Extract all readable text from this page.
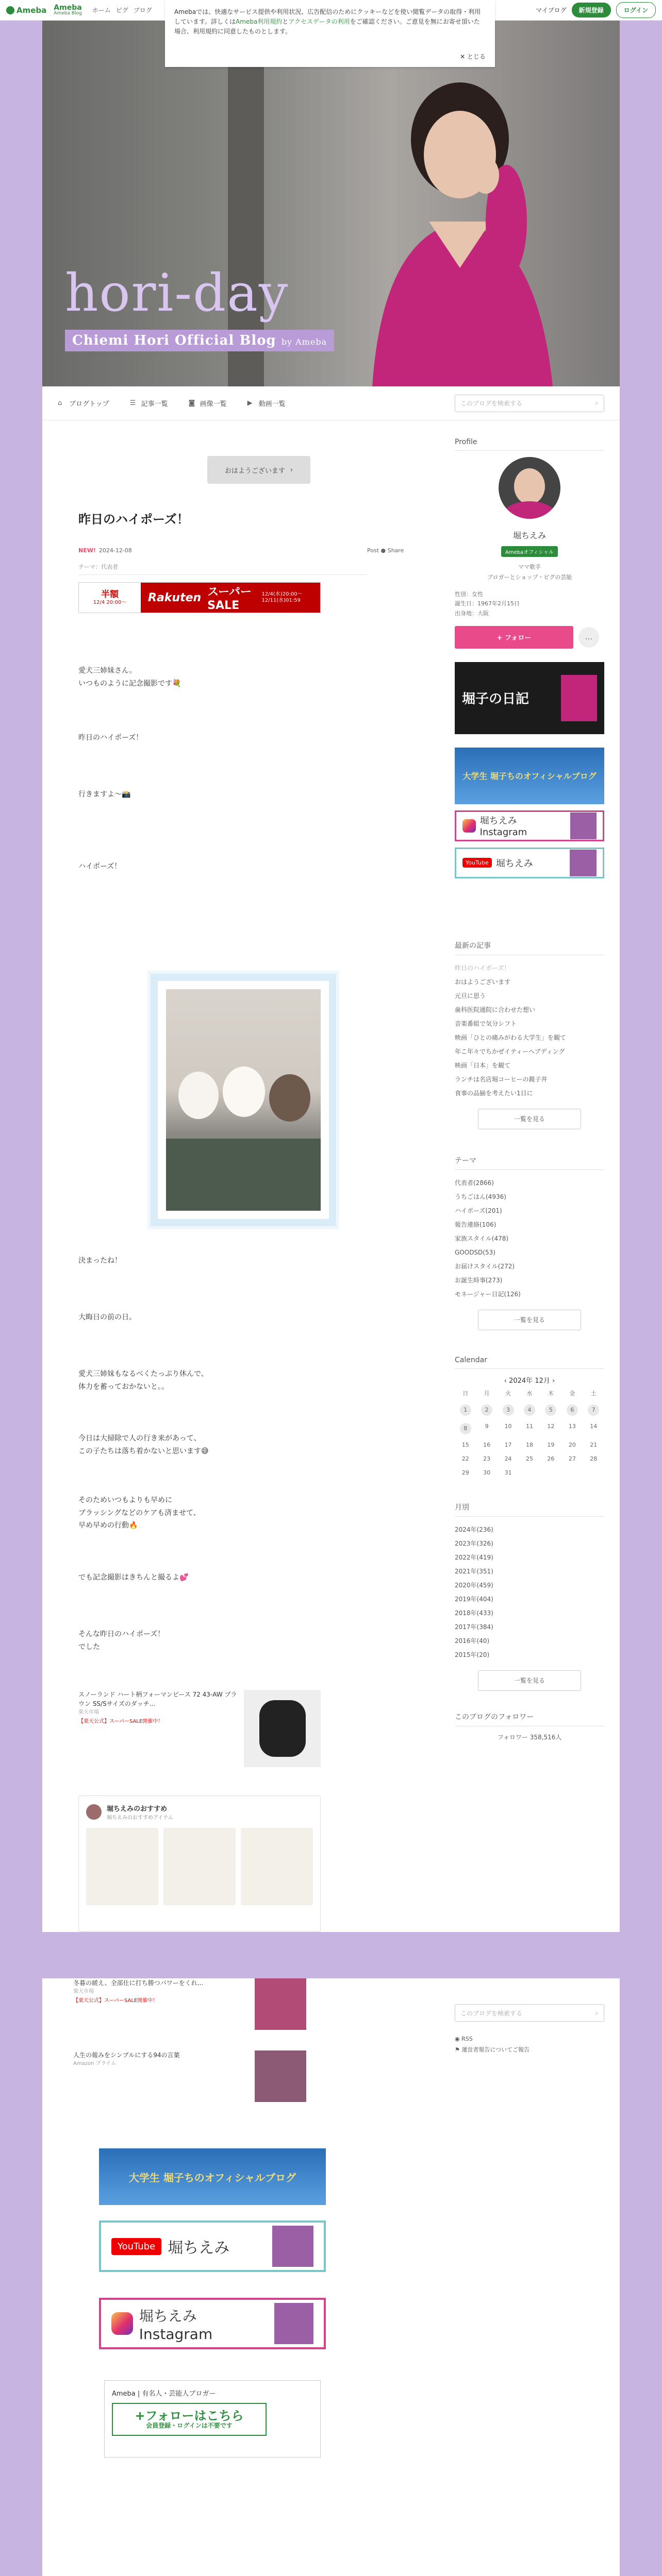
Ameba Ameba
Ameba Blog ホーム ピグ ブログ	マイブログ	新規登録	ログイン
Amebaでは、快適なサービス提供や利用状況、広告配信のためにクッキーなどを使い閲覧データの取得・利用しています。詳しくはAmeba利用規約とアクセスデータの利用をご確認ください。ご意見を無にお寄せ頂いた場合、利用規約に同意したものとします。
✕ とじる
hori-day
Chiemi Hori Official Blog by Ameba
⌂	ブログトップ	☰ 記事一覧	◙ 画像一覧	▶ 動画一覧	このブログを検索する	⌕
おはようございます ›
昨日のハイポーズ！
NEW! 2024-12-08
テーマ：代表者
Post ● Share
半額
12/4 20:00～ Rakuten スーパーSALE
12/4(水)20:00～ 12/11(水)01:59
愛犬三姉妹さん。
いつものように記念撮影です💐
昨日のハイポーズ！
行きますよ～📸
ハイポーズ！
決まったね！
大晦日の前の日。
愛犬三姉妹もなるべくたっぷり休んで、
体力を蓄っておかないと。。
今日は大掃除で人の行き来があって、
この子たちは落ち着かないと思います😅
そのためいつもよりも早めに
ブラッシングなどのケアも済ませて、
早め早めの行動🔥
でも記念撮影はきちんと撮るよ💕
そんな昨日のハイポーズ！
でした
スノーランド ハート柄フォーマンピース 72 43-AW ブラウン SS/Sサイズのダッチ...
楽天市場
【楽天公式】スーパーSALE開催中！
堀ちえみのおすすめ
堀ちえみのおすすめアイテム
Profile
堀ちえみ
Amebaオフィシャル
ママ歌手
ブロガーとショップ・ピグの芸能
性別：女性
誕生日：1967年2月15日
出身地：大阪
+ フォロー	…
堀子の日記
大学生 堀子ちのオフィシャルブログ
堀ちえみ Instagram
YouTube 堀ちえみ
最新の記事
昨日のハイポーズ！
おはようございます
元旦に思う
歯科医院通院に合わせた想い
音楽番組で気分シフト
映画「ひとの痛みがわる大学生」を観て
年こ年々でちかぜイティーヘブディング
映画「日本」を観て
ランチは名店堀コーヒーの親子丼
食事の品揃を考えたい1日に
一覧を見る
テーマ
代表者(2866)
うちごはん(4936)
ハイポーズ(201)
報告連絡(106)
家族スタイル(478)
GOODSD(53)
お届けスタイル(272)
お誕生時事(273)
モネージャー日記(126)
一覧を見る
Calendar
‹ 2024年 12月 ›
日	月	火	水	木	金	土
1	2	3	4	5	6	7
8	9	10	11	12	13	14
15	16	17	18	19	20	21
22	23	24	25	26	27	28
29	30	31
月別
2024年(236)
2023年(326)
2022年(419)
2021年(351)
2020年(459)
2019年(404)
2018年(433)
2017年(384)
2016年(40)
2015年(20)
一覧を見る
このブログのフォロワー
フォロワー 358,516人
冬暮の緩え、全部仕に打ち勝つパワーをくれ...
楽天市場
【楽天公式】スーパーSALE開催中！
人生の報みをシンプルにする94の言葉
Amazon プライム
このブログを検索する	⌕
◉ RSS
⚑ 運営者報告についてご報告
大学生 堀子ちのオフィシャルブログ
YouTube 堀ちえみ
堀ちえみ Instagram
Ameba | 有名人・芸能人ブロガー
+フォローはこちら
会員登録・ログインは不要です
